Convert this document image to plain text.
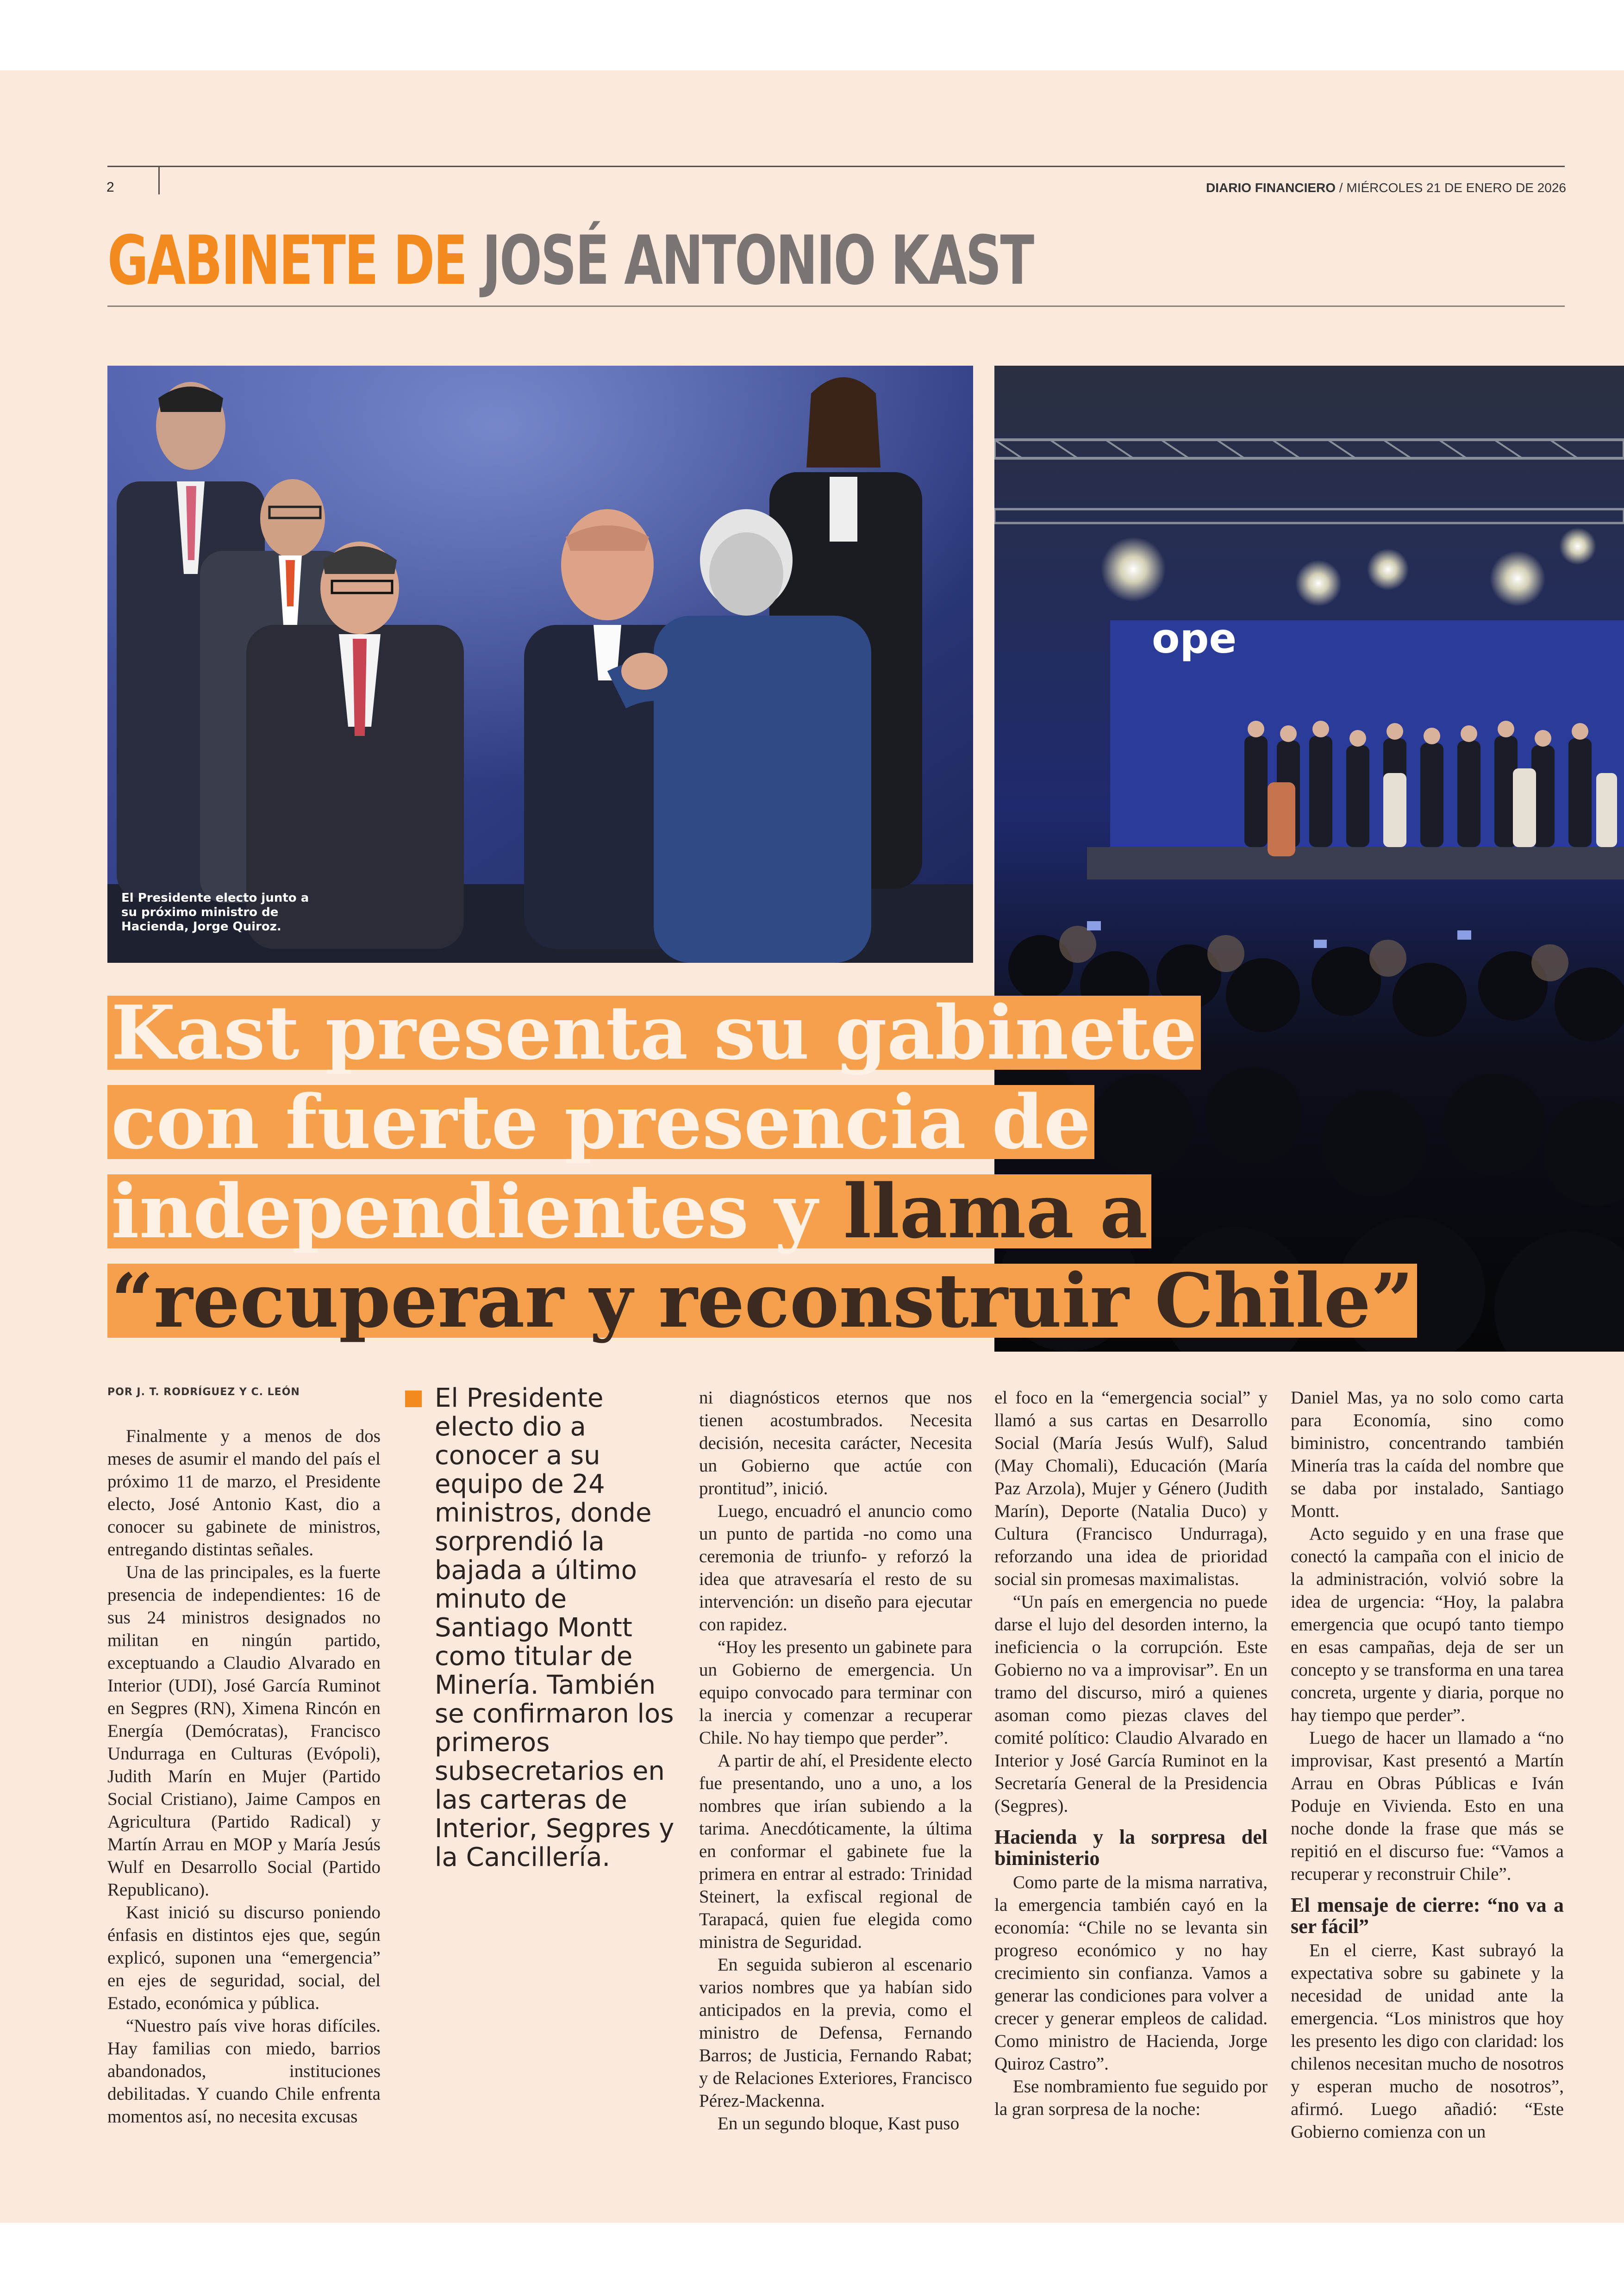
2	DIARIO FINANCIERO / MIÉRCOLES 21 DE ENERO DE 2026
GABINETE DE JOSÉ ANTONIO KAST
El Presidente electo junto a su próximo ministro de Hacienda, Jorge Quiroz.
ope
Kast presenta su gabinete
con fuerte presencia de
independientes y llama a
“recuperar y reconstruir Chile”
POR J. T. RODRÍGUEZ Y C. LEÓN	El Presidente electo dio a conocer a su equipo de 24 ministros, donde sorprendió la bajada a último minuto de Santiago Montt como titular de Minería. También se confirmaron los primeros subsecretarios en las carteras de Interior, Segpres y la Cancillería.

Finalmente y a menos de dos meses de asumir el mando del país el próximo 11 de marzo, el Presidente electo, José Antonio Kast, dio a conocer su gabinete de ministros, entregando distintas señales.

Una de las principales, es la fuerte presencia de independientes: 16 de sus 24 ministros designados no militan en ningún partido, exceptuando a Claudio Alvarado en Interior (UDI), José García Ruminot en Segpres (RN), Ximena Rincón en Energía (Demócratas), Francisco Undurraga en Culturas (Evópoli), Judith Marín en Mujer (Partido Social Cristiano), Jaime Campos en Agricultura (Partido Radical) y Martín Arrau en MOP y María Jesús Wulf en Desarrollo Social (Partido Republicano).

Kast inició su discurso poniendo énfasis en distintos ejes que, según explicó, suponen una “emergencia” en ejes de seguridad, social, del Estado, económica y pública.

“Nuestro país vive horas difíciles. Hay familias con miedo, barrios abandonados, instituciones debilitadas. Y cuando Chile enfrenta momentos así, no necesita excusas

ni diagnósticos eternos que nos tienen acostumbrados. Necesita decisión, necesita carácter, Necesita un Gobierno que actúe con prontitud”, inició.

Luego, encuadró el anuncio como un punto de partida -no como una ceremonia de triunfo- y reforzó la idea que atravesaría el resto de su intervención: un diseño para ejecutar con rapidez.

“Hoy les presento un gabinete para un Gobierno de emergencia. Un equipo convocado para terminar con la inercia y comenzar a recuperar Chile. No hay tiempo que perder”.

A partir de ahí, el Presidente electo fue presentando, uno a uno, a los nombres que irían subiendo a la tarima. Anecdóticamente, la última en conformar el gabinete fue la primera en entrar al estrado: Trinidad Steinert, la exfiscal regional de Tarapacá, quien fue elegida como ministra de Seguridad.

En seguida subieron al escenario varios nombres que ya habían sido anticipados en la previa, como el ministro de Defensa, Fernando Barros; de Justicia, Fernando Rabat; y de Relaciones Exteriores, Francisco Pérez-Mackenna.

En un segundo bloque, Kast puso

el foco en la “emergencia social” y llamó a sus cartas en Desarrollo Social (María Jesús Wulf), Salud (May Chomali), Educación (María Paz Arzola), Mujer y Género (Judith Marín), Deporte (Natalia Duco) y Cultura (Francisco Undurraga), reforzando una idea de prioridad social sin promesas maximalistas.

“Un país en emergencia no puede darse el lujo del desorden interno, la ineficiencia o la corrupción. Este Gobierno no va a improvisar”. En un tramo del discurso, miró a quienes asoman como piezas claves del comité político: Claudio Alvarado en Interior y José García Ruminot en la Secretaría General de la Presidencia (Segpres).

Hacienda y la sorpresa del biministerio

Como parte de la misma narrativa, la emergencia también cayó en la economía: “Chile no se levanta sin progreso económico y no hay crecimiento sin confianza. Vamos a generar las condiciones para volver a crecer y generar empleos de calidad. Como ministro de Hacienda, Jorge Quiroz Castro”.

Ese nombramiento fue seguido por la gran sorpresa de la noche:

Daniel Mas, ya no solo como carta para Economía, sino como biministro, concentrando también Minería tras la caída del nombre que se daba por instalado, Santiago Montt.

Acto seguido y en una frase que conectó la campaña con el inicio de la administración, volvió sobre la idea de urgencia: “Hoy, la palabra emergencia que ocupó tanto tiempo en esas campañas, deja de ser un concepto y se transforma en una tarea concreta, urgente y diaria, porque no hay tiempo que perder”.

Luego de hacer un llamado a “no improvisar, Kast presentó a Martín Arrau en Obras Públicas e Iván Poduje en Vivienda. Esto en una noche donde la frase que más se repitió en el discurso fue: “Vamos a recuperar y reconstruir Chile”.

El mensaje de cierre: “no va a ser fácil”

En el cierre, Kast subrayó la expectativa sobre su gabinete y la necesidad de unidad ante la emergencia. “Los ministros que hoy les presento les digo con claridad: los chilenos necesitan mucho de nosotros y esperan mucho de nosotros”, afirmó. Luego añadió: “Este Gobierno comienza con un
